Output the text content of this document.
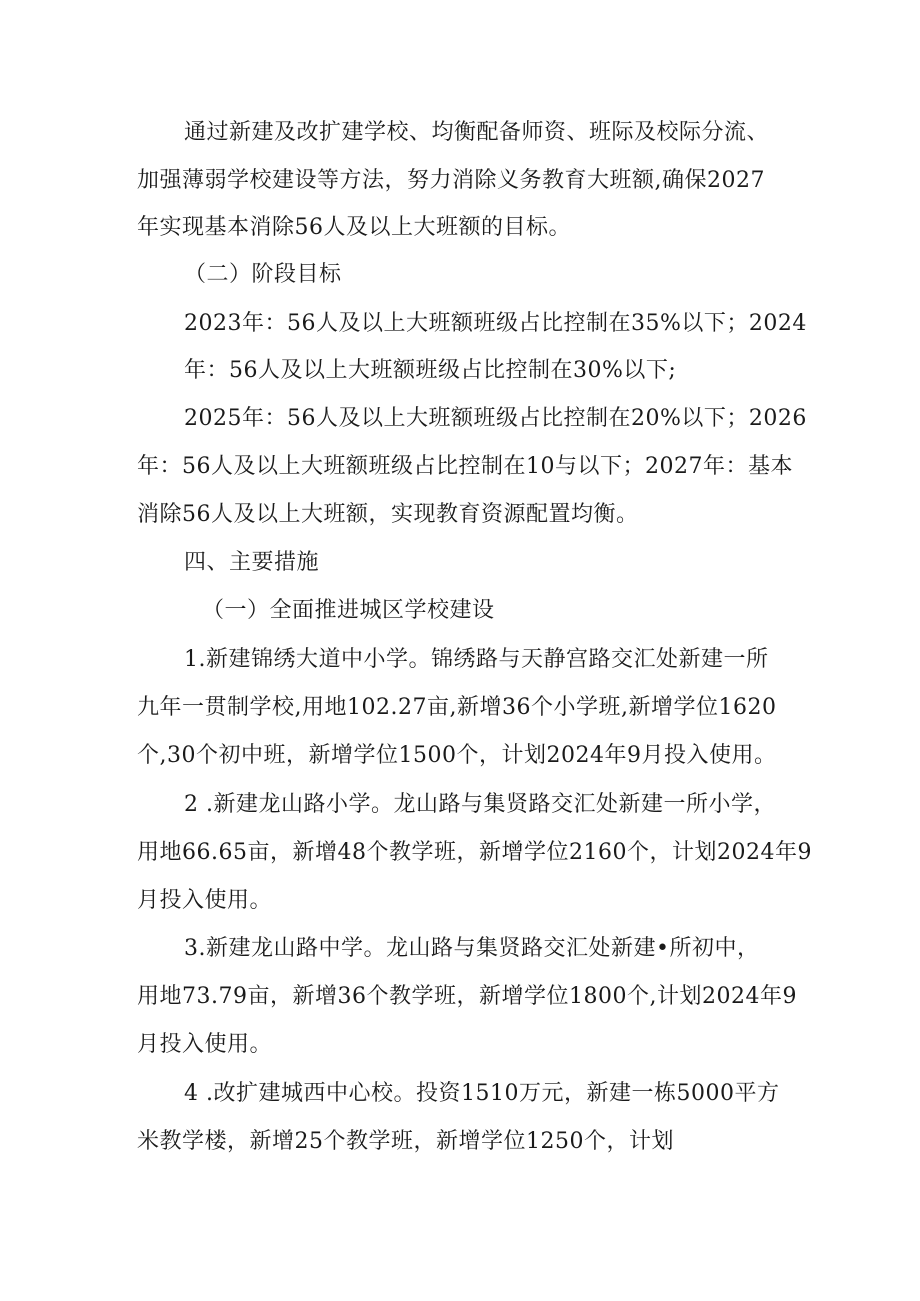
通过新建及改扩建学校、均衡配备师资、班际及校际分流、
加强薄弱学校建设等方法，努力消除义务教育大班额,确保2027
年实现基本消除56人及以上大班额的目标。
（二）阶段目标
2023年：56人及以上大班额班级占比控制在35%以下；2024
年：56人及以上大班额班级占比控制在30%以下;
2025年：56人及以上大班额班级占比控制在20%以下；2026
年：56人及以上大班额班级占比控制在10与以下；2027年：基本
消除56人及以上大班额，实现教育资源配置均衡。
四、主要措施
（一）全面推进城区学校建设
1.新建锦绣大道中小学。锦绣路与天静宫路交汇处新建一所
九年一贯制学校,用地102.27亩,新增36个小学班,新增学位1620
个,30个初中班，新增学位1500个，计划2024年9月投入使用。
2 .新建龙山路小学。龙山路与集贤路交汇处新建一所小学，
用地66.65亩，新增48个教学班，新增学位2160个，计划2024年9
月投入使用。
3.新建龙山路中学。龙山路与集贤路交汇处新建•所初中，
用地73.79亩，新增36个教学班，新增学位1800个,计划2024年9
月投入使用。
4 .改扩建城西中心校。投资1510万元，新建一栋5000平方
米教学楼，新增25个教学班，新增学位1250个，计划
